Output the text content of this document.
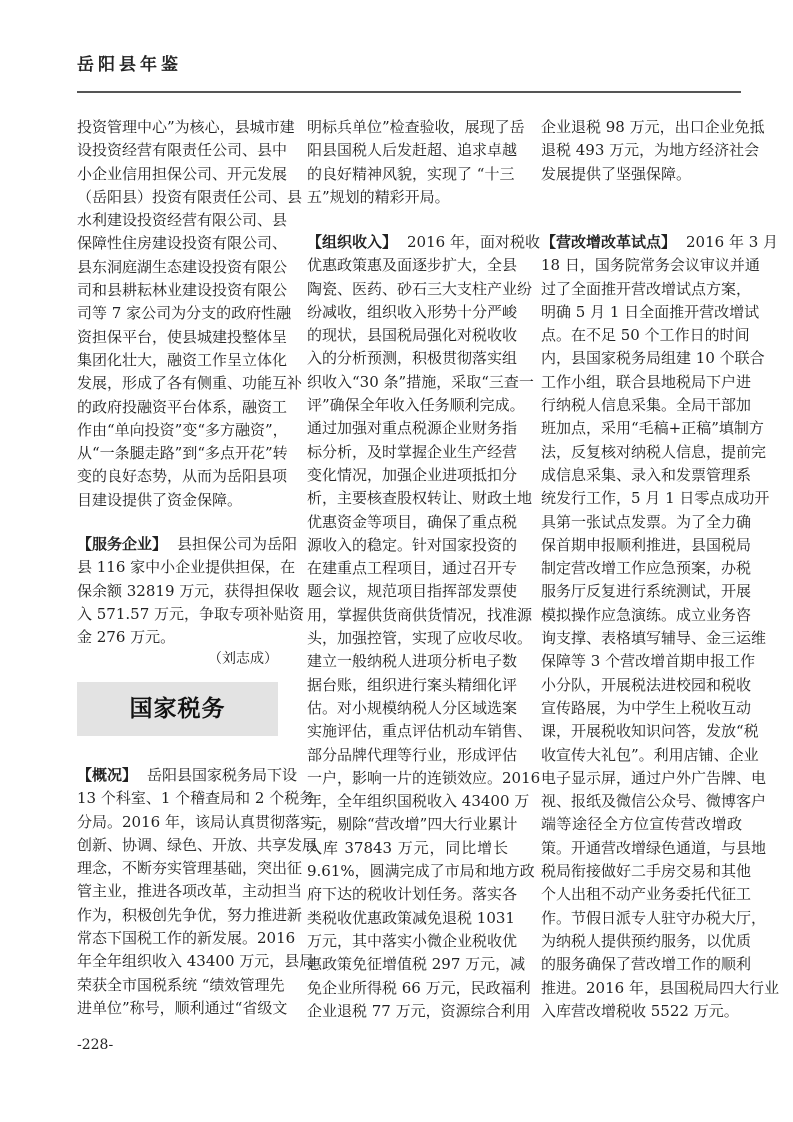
岳阳县年鉴
投资管理中心”为核心，县城市建
设投资经营有限责任公司、县中
小企业信用担保公司、开元发展
（岳阳县）投资有限责任公司、县
水利建设投资经营有限公司、县
保障性住房建设投资有限公司、
县东洞庭湖生态建设投资有限公
司和县耕耘林业建设投资有限公
司等 7 家公司为分支的政府性融
资担保平台，使县城建投整体呈
集团化壮大，融资工作呈立体化
发展，形成了各有侧重、功能互补
的政府投融资平台体系，融资工
作由“单向投资”变“多方融资”，
从“一条腿走路”到“多点开花”转
变的良好态势，从而为岳阳县项
目建设提供了资金保障。
【服务企业】 县担保公司为岳阳
县 116 家中小企业提供担保，在
保余额 32819 万元，获得担保收
入 571.57 万元，争取专项补贴资
金 276 万元。
（刘志成）
国家税务
【概况】 岳阳县国家税务局下设
13 个科室、1 个稽查局和 2 个税务
分局。2016 年，该局认真贯彻落实
创新、协调、绿色、开放、共享发展
理念，不断夯实管理基础，突出征
管主业，推进各项改革，主动担当
作为，积极创先争优，努力推进新
常态下国税工作的新发展。2016
年全年组织收入 43400 万元，县局
荣获全市国税系统 “绩效管理先
进单位”称号，顺利通过“省级文
-228-
明标兵单位”检查验收，展现了岳
阳县国税人后发赶超、追求卓越
的良好精神风貌，实现了 “十三
五”规划的精彩开局。
【组织收入】 2016 年，面对税收
优惠政策惠及面逐步扩大，全县
陶瓷、医药、砂石三大支柱产业纷
纷减收，组织收入形势十分严峻
的现状，县国税局强化对税收收
入的分析预测，积极贯彻落实组
织收入“30 条”措施，采取“三查一
评”确保全年收入任务顺利完成。
通过加强对重点税源企业财务指
标分析，及时掌握企业生产经营
变化情况，加强企业进项抵扣分
析，主要核查股权转让、财政土地
优惠资金等项目，确保了重点税
源收入的稳定。针对国家投资的
在建重点工程项目，通过召开专
题会议，规范项目指挥部发票使
用，掌握供货商供货情况，找准源
头，加强控管，实现了应收尽收。
建立一般纳税人进项分析电子数
据台账，组织进行案头精细化评
估。对小规模纳税人分区域选案
实施评估，重点评估机动车销售、
部分品牌代理等行业，形成评估
一户，影响一片的连锁效应。2016
年，全年组织国税收入 43400 万
元，剔除“营改增”四大行业累计
入库 37843 万元，同比增长
9.61%，圆满完成了市局和地方政
府下达的税收计划任务。落实各
类税收优惠政策减免退税 1031
万元，其中落实小微企业税收优
惠政策免征增值税 297 万元，减
免企业所得税 66 万元，民政福利
企业退税 77 万元，资源综合利用
企业退税 98 万元，出口企业免抵
退税 493 万元，为地方经济社会
发展提供了坚强保障。
【营改增改革试点】 2016 年 3 月
18 日，国务院常务会议审议并通
过了全面推开营改增试点方案，
明确 5 月 1 日全面推开营改增试
点。在不足 50 个工作日的时间
内，县国家税务局组建 10 个联合
工作小组，联合县地税局下户进
行纳税人信息采集。全局干部加
班加点，采用“毛稿+正稿”填制方
法，反复核对纳税人信息，提前完
成信息采集、录入和发票管理系
统发行工作，5 月 1 日零点成功开
具第一张试点发票。为了全力确
保首期申报顺利推进，县国税局
制定营改增工作应急预案，办税
服务厅反复进行系统测试，开展
模拟操作应急演练。成立业务咨
询支撑、表格填写辅导、金三运维
保障等 3 个营改增首期申报工作
小分队，开展税法进校园和税收
宣传路展，为中学生上税收互动
课，开展税收知识问答，发放“税
收宣传大礼包”。利用店铺、企业
电子显示屏，通过户外广告牌、电
视、报纸及微信公众号、微博客户
端等途径全方位宣传营改增政
策。开通营改增绿色通道，与县地
税局衔接做好二手房交易和其他
个人出租不动产业务委托代征工
作。节假日派专人驻守办税大厅，
为纳税人提供预约服务，以优质
的服务确保了营改增工作的顺利
推进。2016 年，县国税局四大行业
入库营改增税收 5522 万元。
